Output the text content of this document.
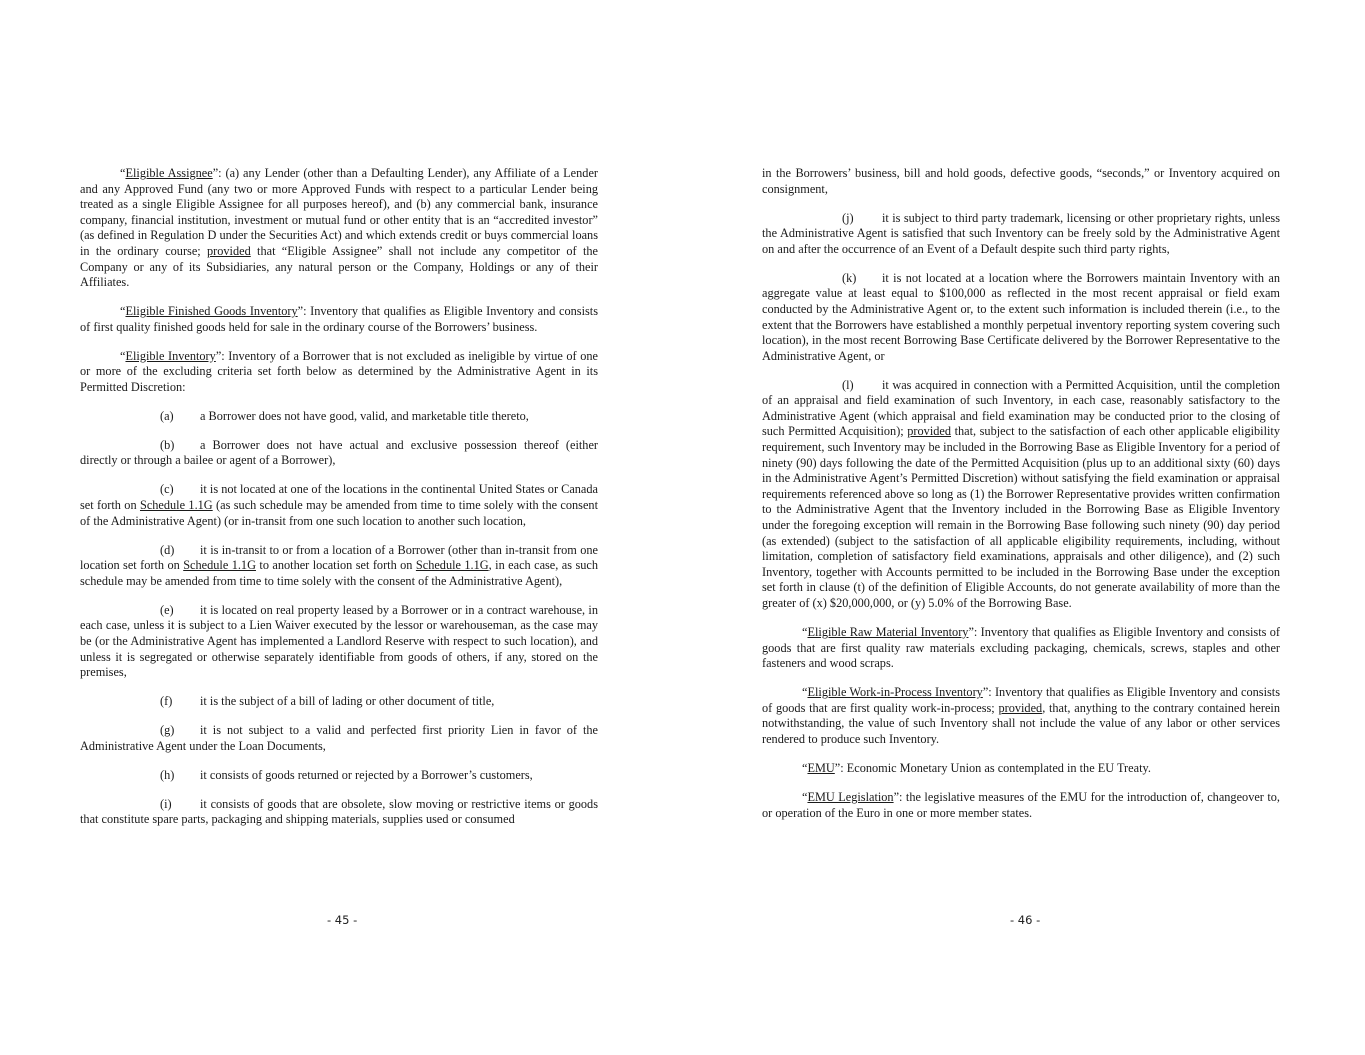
“Eligible Assignee”: (a) any Lender (other than a Defaulting Lender), any Affiliate of a Lender and any Approved Fund (any two or more Approved Funds with respect to a particular Lender being treated as a single Eligible Assignee for all purposes hereof), and (b) any commercial bank, insurance company, financial institution, investment or mutual fund or other entity that is an “accredited investor” (as defined in Regulation D under the Securities Act) and which extends credit or buys commercial loans in the ordinary course; provided that “Eligible Assignee” shall not include any competitor of the Company or any of its Subsidiaries, any natural person or the Company, Holdings or any of their Affiliates.

“Eligible Finished Goods Inventory”: Inventory that qualifies as Eligible Inventory and consists of first quality finished goods held for sale in the ordinary course of the Borrowers’ business.

“Eligible Inventory”: Inventory of a Borrower that is not excluded as ineligible by virtue of one or more of the excluding criteria set forth below as determined by the Administrative Agent in its Permitted Discretion:

(a) a Borrower does not have good, valid, and marketable title thereto,

(b) a Borrower does not have actual and exclusive possession thereof (either directly or through a bailee or agent of a Borrower),

(c) it is not located at one of the locations in the continental United States or Canada set forth on Schedule 1.1G (as such schedule may be amended from time to time solely with the consent of the Administrative Agent) (or in-transit from one such location to another such location,

(d) it is in-transit to or from a location of a Borrower (other than in-transit from one location set forth on Schedule 1.1G to another location set forth on Schedule 1.1G, in each case, as such schedule may be amended from time to time solely with the consent of the Administrative Agent),

(e) it is located on real property leased by a Borrower or in a contract warehouse, in each case, unless it is subject to a Lien Waiver executed by the lessor or warehouseman, as the case may be (or the Administrative Agent has implemented a Landlord Reserve with respect to such location), and unless it is segregated or otherwise separately identifiable from goods of others, if any, stored on the premises,

(f) it is the subject of a bill of lading or other document of title,

(g) it is not subject to a valid and perfected first priority Lien in favor of the Administrative Agent under the Loan Documents,

(h) it consists of goods returned or rejected by a Borrower’s customers,

(i) it consists of goods that are obsolete, slow moving or restrictive items or goods that constitute spare parts, packaging and shipping materials, supplies used or consumed

- 45 -

in the Borrowers’ business, bill and hold goods, defective goods, “seconds,” or Inventory acquired on consignment,

(j) it is subject to third party trademark, licensing or other proprietary rights, unless the Administrative Agent is satisfied that such Inventory can be freely sold by the Administrative Agent on and after the occurrence of an Event of a Default despite such third party rights,

(k) it is not located at a location where the Borrowers maintain Inventory with an aggregate value at least equal to $100,000 as reflected in the most recent appraisal or field exam conducted by the Administrative Agent or, to the extent such information is included therein (i.e., to the extent that the Borrowers have established a monthly perpetual inventory reporting system covering such location), in the most recent Borrowing Base Certificate delivered by the Borrower Representative to the Administrative Agent, or

(l) it was acquired in connection with a Permitted Acquisition, until the completion of an appraisal and field examination of such Inventory, in each case, reasonably satisfactory to the Administrative Agent (which appraisal and field examination may be conducted prior to the closing of such Permitted Acquisition); provided that, subject to the satisfaction of each other applicable eligibility requirement, such Inventory may be included in the Borrowing Base as Eligible Inventory for a period of ninety (90) days following the date of the Permitted Acquisition (plus up to an additional sixty (60) days in the Administrative Agent’s Permitted Discretion) without satisfying the field examination or appraisal requirements referenced above so long as (1) the Borrower Representative provides written confirmation to the Administrative Agent that the Inventory included in the Borrowing Base as Eligible Inventory under the foregoing exception will remain in the Borrowing Base following such ninety (90) day period (as extended) (subject to the satisfaction of all applicable eligibility requirements, including, without limitation, completion of satisfactory field examinations, appraisals and other diligence), and (2) such Inventory, together with Accounts permitted to be included in the Borrowing Base under the exception set forth in clause (t) of the definition of Eligible Accounts, do not generate availability of more than the greater of (x) $20,000,000, or (y) 5.0% of the Borrowing Base.

“Eligible Raw Material Inventory”: Inventory that qualifies as Eligible Inventory and consists of goods that are first quality raw materials excluding packaging, chemicals, screws, staples and other fasteners and wood scraps.

“Eligible Work-in-Process Inventory”: Inventory that qualifies as Eligible Inventory and consists of goods that are first quality work-in-process; provided, that, anything to the contrary contained herein notwithstanding, the value of such Inventory shall not include the value of any labor or other services rendered to produce such Inventory.

“EMU”: Economic Monetary Union as contemplated in the EU Treaty.

“EMU Legislation”: the legislative measures of the EMU for the introduction of, changeover to, or operation of the Euro in one or more member states.

- 46 -
